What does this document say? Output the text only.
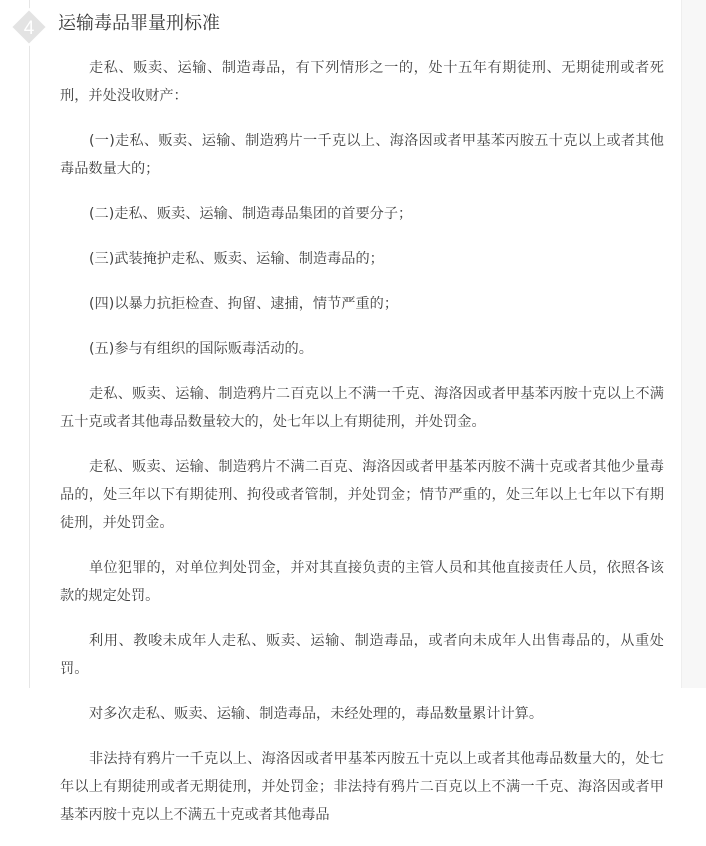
4 运输毒品罪量刑标准

走私、贩卖、运输、制造毒品，有下列情形之一的，处十五年有期徒刑、无期徒刑或者死刑，并处没收财产：

(一)走私、贩卖、运输、制造鸦片一千克以上、海洛因或者甲基苯丙胺五十克以上或者其他毒品数量大的；

(二)走私、贩卖、运输、制造毒品集团的首要分子；

(三)武装掩护走私、贩卖、运输、制造毒品的；

(四)以暴力抗拒检查、拘留、逮捕，情节严重的；

(五)参与有组织的国际贩毒活动的。

走私、贩卖、运输、制造鸦片二百克以上不满一千克、海洛因或者甲基苯丙胺十克以上不满五十克或者其他毒品数量较大的，处七年以上有期徒刑，并处罚金。

走私、贩卖、运输、制造鸦片不满二百克、海洛因或者甲基苯丙胺不满十克或者其他少量毒品的，处三年以下有期徒刑、拘役或者管制，并处罚金；情节严重的，处三年以上七年以下有期徒刑，并处罚金。

单位犯罪的，对单位判处罚金，并对其直接负责的主管人员和其他直接责任人员，依照各该款的规定处罚。

利用、教唆未成年人走私、贩卖、运输、制造毒品，或者向未成年人出售毒品的，从重处罚。

对多次走私、贩卖、运输、制造毒品，未经处理的，毒品数量累计计算。

非法持有鸦片一千克以上、海洛因或者甲基苯丙胺五十克以上或者其他毒品数量大的，处七年以上有期徒刑或者无期徒刑，并处罚金；非法持有鸦片二百克以上不满一千克、海洛因或者甲基苯丙胺十克以上不满五十克或者其他毒品
